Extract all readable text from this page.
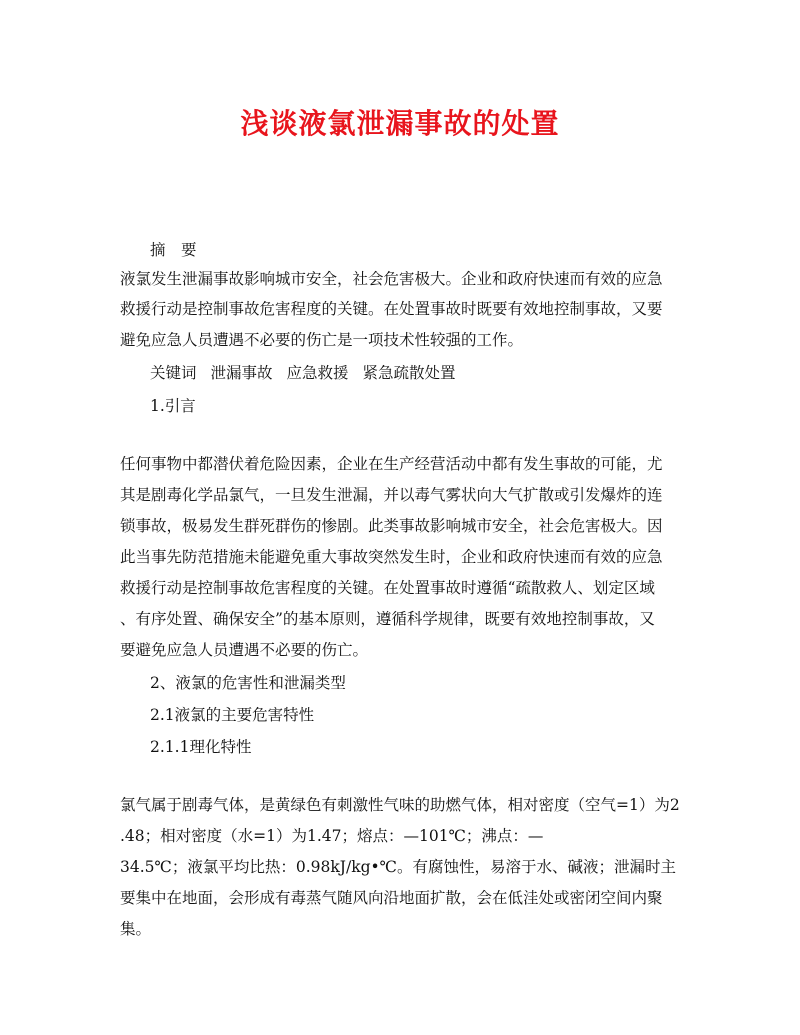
浅谈液氯泄漏事故的处置

摘　要

液氯发生泄漏事故影响城市安全，社会危害极大。企业和政府快速而有效的应急

救援行动是控制事故危害程度的关键。在处置事故时既要有效地控制事故，又要

避免应急人员遭遇不必要的伤亡是一项技术性较强的工作。

关键词 泄漏事故 应急救援 紧急疏散处置

1.引言

任何事物中都潜伏着危险因素，企业在生产经营活动中都有发生事故的可能，尤

其是剧毒化学品氯气，一旦发生泄漏，并以毒气雾状向大气扩散或引发爆炸的连

锁事故，极易发生群死群伤的惨剧。此类事故影响城市安全，社会危害极大。因

此当事先防范措施未能避免重大事故突然发生时，企业和政府快速而有效的应急

救援行动是控制事故危害程度的关键。在处置事故时遵循“疏散救人、划定区域

、有序处置、确保安全”的基本原则，遵循科学规律，既要有效地控制事故，又

要避免应急人员遭遇不必要的伤亡。

2、液氯的危害性和泄漏类型

2.1液氯的主要危害特性

2.1.1理化特性

氯气属于剧毒气体，是黄绿色有刺激性气味的助燃气体，相对密度（空气=1）为2

.48；相对密度（水=1）为1.47；熔点：—101℃；沸点：—

34.5℃；液氯平均比热：0.98kJ/kg•℃。有腐蚀性，易溶于水、碱液；泄漏时主

要集中在地面，会形成有毒蒸气随风向沿地面扩散，会在低洼处或密闭空间内聚

集。
